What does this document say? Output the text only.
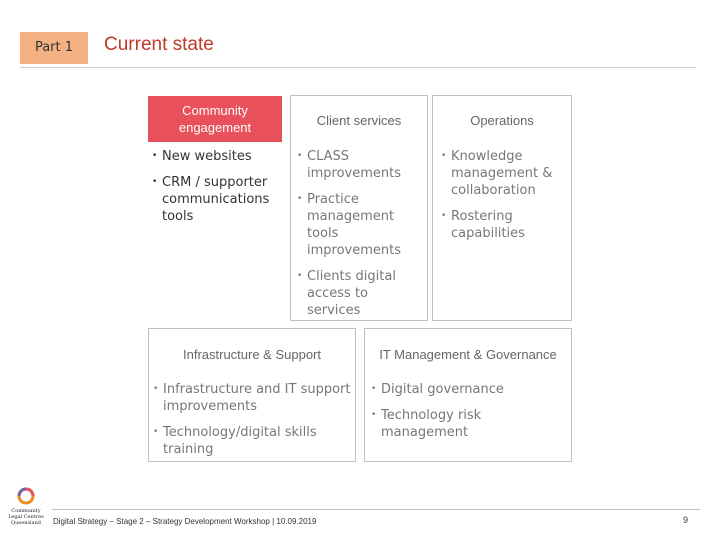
Part 1	Current state
Community engagement
• New websites
• CRM / supporter communications tools
Client services
• CLASS improvements
• Practice management tools improvements
• Clients digital access to services
Operations
• Knowledge management & collaboration
• Rostering capabilities
Infrastructure & Support
• Infrastructure and IT support improvements
• Technology/digital skills training
IT Management & Governance
• Digital governance
• Technology risk management
Community Legal Centres Queensland	Digital Strategy – Stage 2 – Strategy Development Workshop | 10.09.2019	9
